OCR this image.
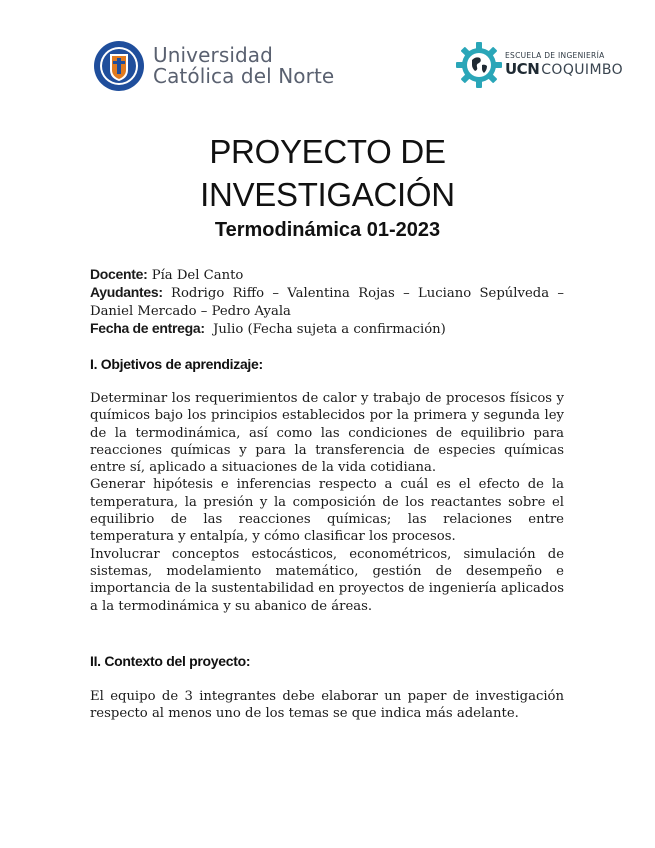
Universidad
Católica del Norte
ESCUELA DE INGENIERÍA
UCN COQUIMBO
PROYECTO DE
INVESTIGACIÓN
Termodinámica 01-2023
Docente: Pía Del Canto
Ayudantes: Rodrigo Riffo – Valentina Rojas – Luciano Sepúlveda – Daniel Mercado – Pedro Ayala
Fecha de entrega:  Julio (Fecha sujeta a confirmación)
I. Objetivos de aprendizaje:
Determinar los requerimientos de calor y trabajo de procesos físicos y químicos bajo los principios establecidos por la primera y segunda ley de la termodinámica, así como las condiciones de equilibrio para reacciones químicas y para la transferencia de especies químicas entre sí, aplicado a situaciones de la vida cotidiana.
Generar hipótesis e inferencias respecto a cuál es el efecto de la temperatura, la presión y la composición de los reactantes sobre el equilibrio de las reacciones químicas; las relaciones entre temperatura y entalpía, y cómo clasificar los procesos.
Involucrar conceptos estocásticos, econométricos, simulación de sistemas, modelamiento matemático, gestión de desempeño e importancia de la sustentabilidad en proyectos de ingeniería aplicados a la termodinámica y su abanico de áreas.
II. Contexto del proyecto:
El equipo de 3 integrantes debe elaborar un paper de investigación respecto al menos uno de los temas se que indica más adelante.
